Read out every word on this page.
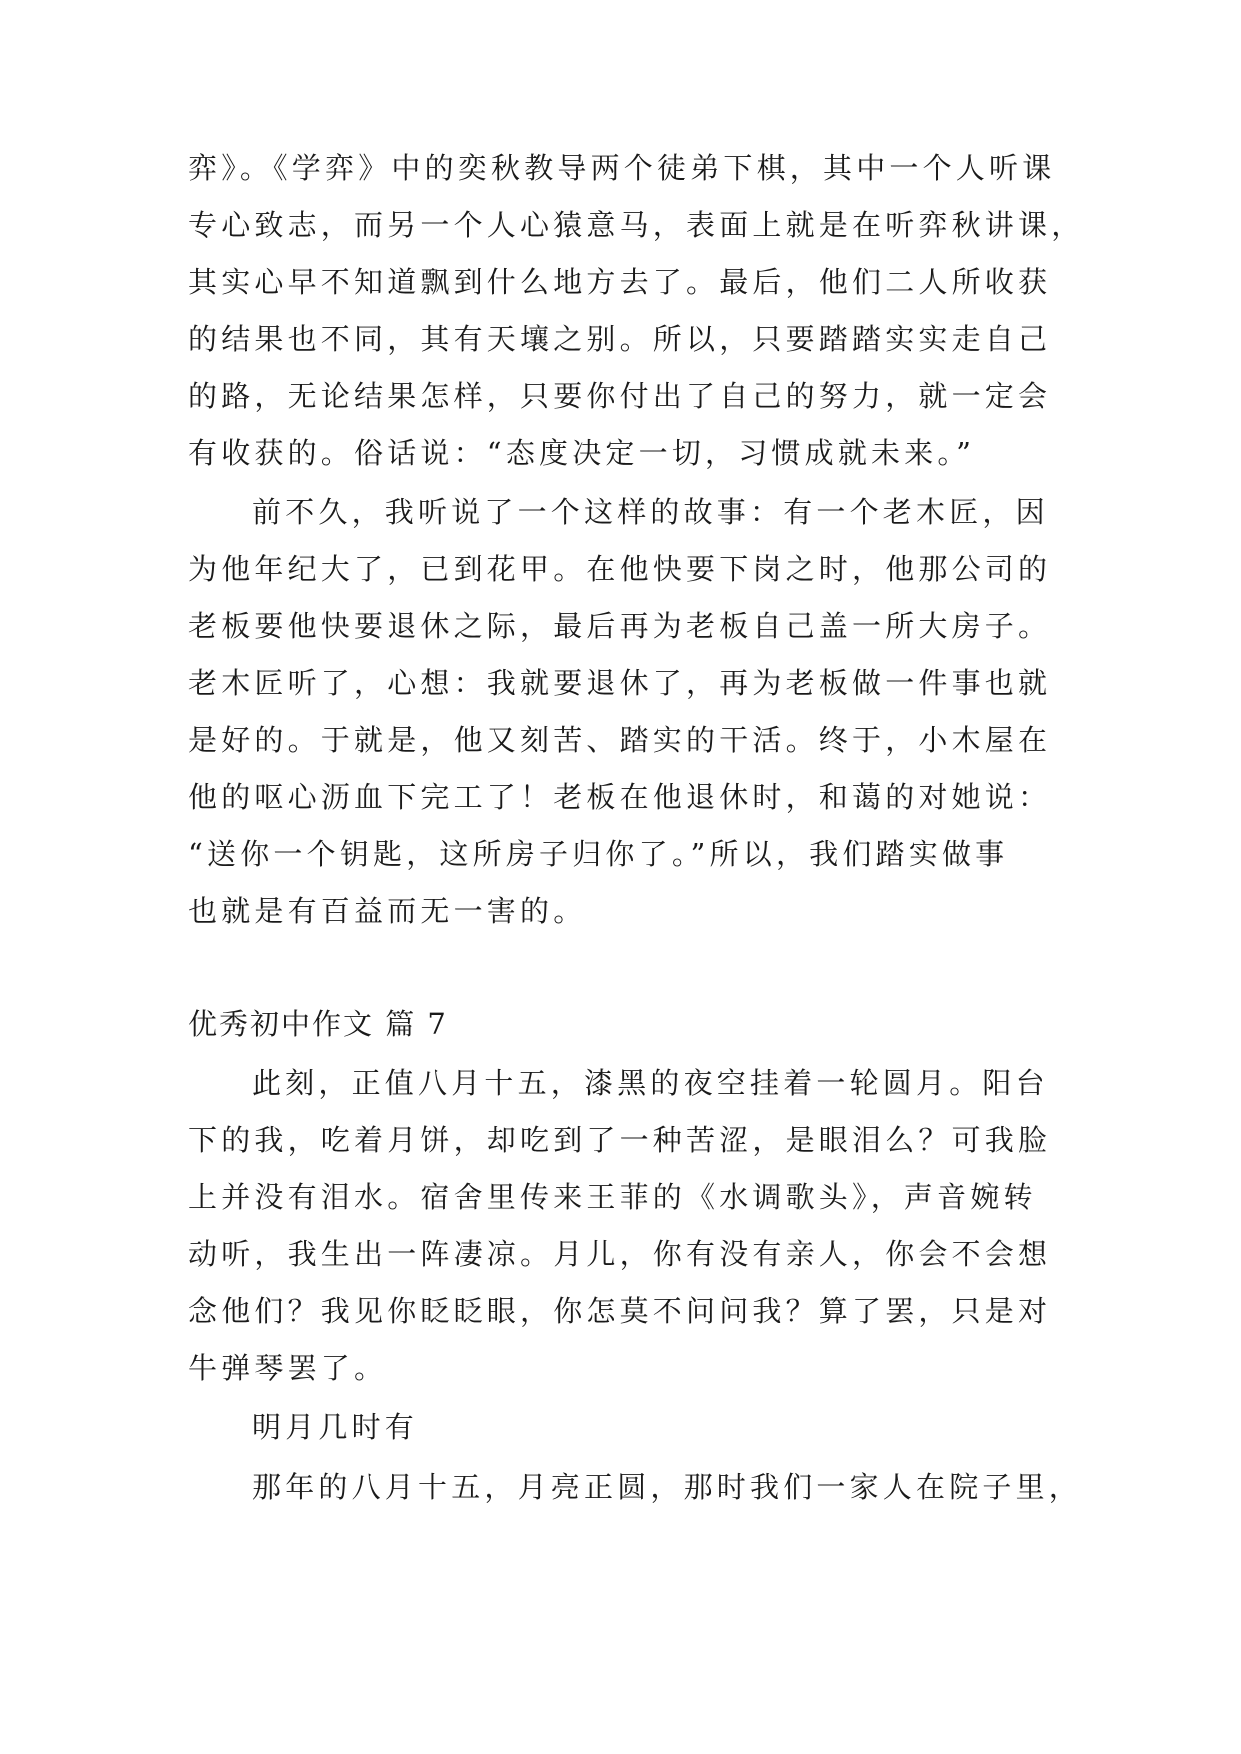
弈》。《学弈》中的奕秋教导两个徒弟下棋，其中一个人听课
专心致志，而另一个人心猿意马，表面上就是在听弈秋讲课，
其实心早不知道飘到什么地方去了。最后，他们二人所收获
的结果也不同，其有天壤之别。所以，只要踏踏实实走自己
的路，无论结果怎样，只要你付出了自己的努力，就一定会
有收获的。俗话说：“态度决定一切，习惯成就未来。”
前不久，我听说了一个这样的故事：有一个老木匠，因
为他年纪大了，已到花甲。在他快要下岗之时，他那公司的
老板要他快要退休之际，最后再为老板自己盖一所大房子。
老木匠听了，心想：我就要退休了，再为老板做一件事也就
是好的。于就是，他又刻苦、踏实的干活。终于，小木屋在
他的呕心沥血下完工了！老板在他退休时，和蔼的对她说：
“送你一个钥匙，这所房子归你了。”所以，我们踏实做事
也就是有百益而无一害的。
优秀初中作文 篇 7
此刻，正值八月十五，漆黑的夜空挂着一轮圆月。阳台
下的我，吃着月饼，却吃到了一种苦涩，是眼泪么？可我脸
上并没有泪水。宿舍里传来王菲的《水调歌头》，声音婉转
动听，我生出一阵凄凉。月儿，你有没有亲人，你会不会想
念他们？我见你眨眨眼，你怎莫不问问我？算了罢，只是对
牛弹琴罢了。
明月几时有
那年的八月十五，月亮正圆，那时我们一家人在院子里，
